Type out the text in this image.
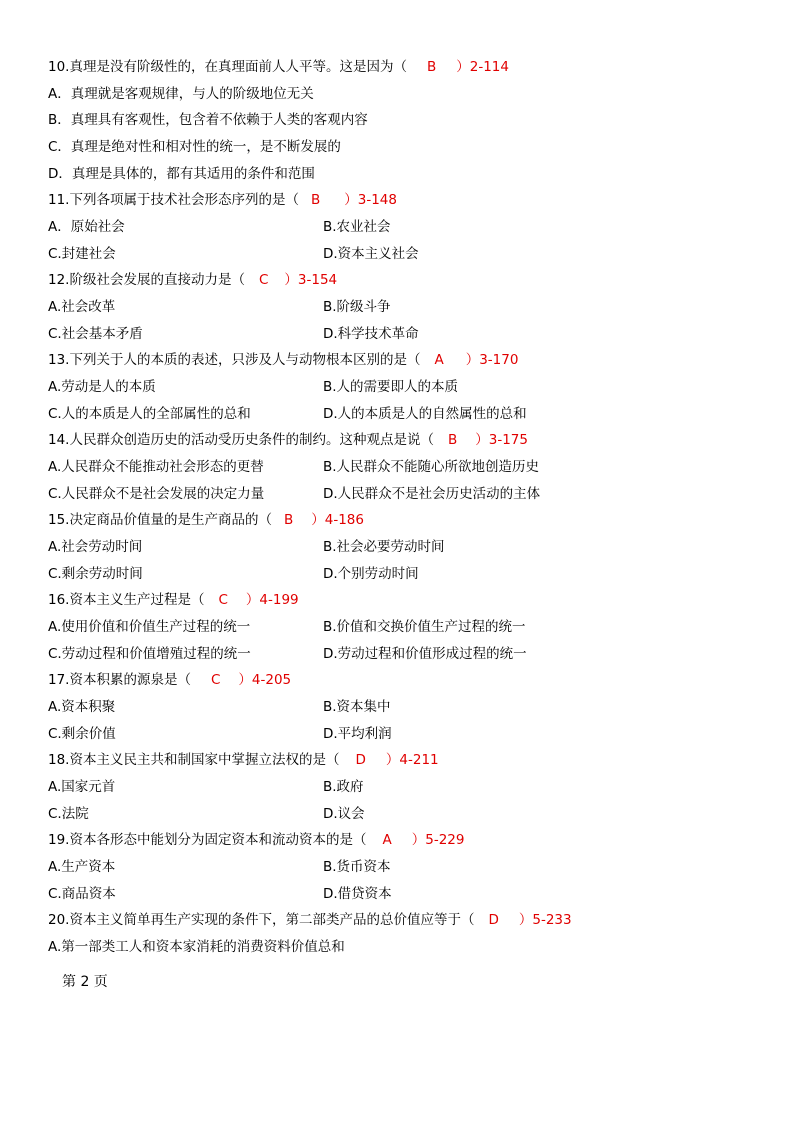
10.真理是没有阶级性的，在真理面前人人平等。这是因为（ B ）2-114
A．真理就是客观规律，与人的阶级地位无关
B．真理具有客观性，包含着不依赖于人类的客观内容
C．真理是绝对性和相对性的统一，是不断发展的
D．真理是具体的，都有其适用的条件和范围
11.下列各项属于技术社会形态序列的是（ B ）3-148
A．原始社会	B.农业社会
C.封建社会	D.资本主义社会
12.阶级社会发展的直接动力是（ C ）3-154
A.社会改革	B.阶级斗争
C.社会基本矛盾	D.科学技术革命
13.下列关于人的本质的表述，只涉及人与动物根本区别的是（ A ）3-170
A.劳动是人的本质	B.人的需要即人的本质
C.人的本质是人的全部属性的总和	D.人的本质是人的自然属性的总和
14.人民群众创造历史的活动受历史条件的制约。这种观点是说（ B ）3-175
A.人民群众不能推动社会形态的更替	B.人民群众不能随心所欲地创造历史
C.人民群众不是社会发展的决定力量	D.人民群众不是社会历史活动的主体
15.决定商品价值量的是生产商品的（ B ）4-186
A.社会劳动时间	B.社会必要劳动时间
C.剩余劳动时间	D.个别劳动时间
16.资本主义生产过程是（ C ）4-199
A.使用价值和价值生产过程的统一	B.价值和交换价值生产过程的统一
C.劳动过程和价值增殖过程的统一	D.劳动过程和价值形成过程的统一
17.资本积累的源泉是（ C ）4-205
A.资本积聚	B.资本集中
C.剩余价值	D.平均利润
18.资本主义民主共和制国家中掌握立法权的是（ D ）4-211
A.国家元首	B.政府
C.法院	D.议会
19.资本各形态中能划分为固定资本和流动资本的是（ A ）5-229
A.生产资本	B.货币资本
C.商品资本	D.借贷资本
20.资本主义简单再生产实现的条件下，第二部类产品的总价值应等于（ D ）5-233
A.第一部类工人和资本家消耗的消费资料价值总和
第 2 页
